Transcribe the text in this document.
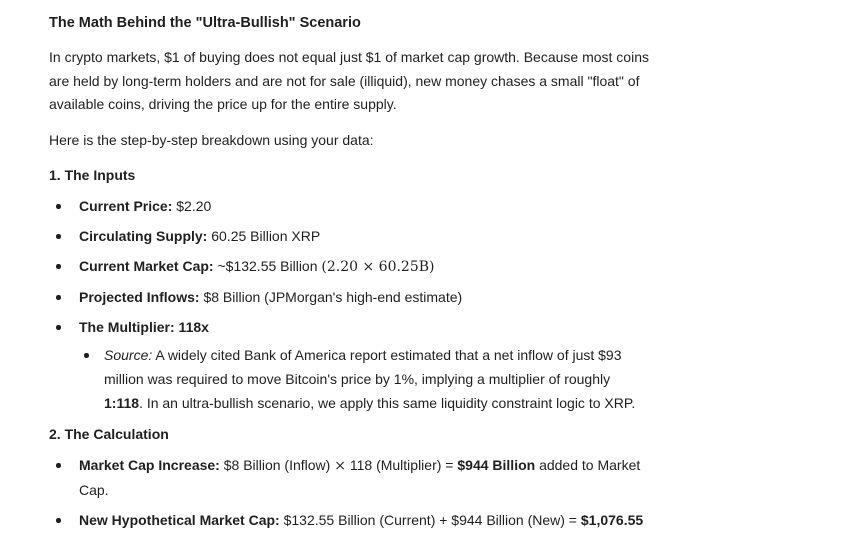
The Math Behind the "Ultra-Bullish" Scenario
In crypto markets, $1 of buying does not equal just $1 of market cap growth. Because most coins are held by long-term holders and are not for sale (illiquid), new money chases a small "float" of available coins, driving the price up for the entire supply.
Here is the step-by-step breakdown using your data:
1. The Inputs
Current Price: $2.20
Circulating Supply: 60.25 Billion XRP
Current Market Cap: ~$132.55 Billion (2.20 × 60.25B)
Projected Inflows: $8 Billion (JPMorgan's high-end estimate)
The Multiplier: 118x
Source: A widely cited Bank of America report estimated that a net inflow of just $93 million was required to move Bitcoin's price by 1%, implying a multiplier of roughly 1:118. In an ultra-bullish scenario, we apply this same liquidity constraint logic to XRP.
2. The Calculation
Market Cap Increase: $8 Billion (Inflow) × 118 (Multiplier) = $944 Billion added to Market Cap.
New Hypothetical Market Cap: $132.55 Billion (Current) + $944 Billion (New) = $1,076.55
